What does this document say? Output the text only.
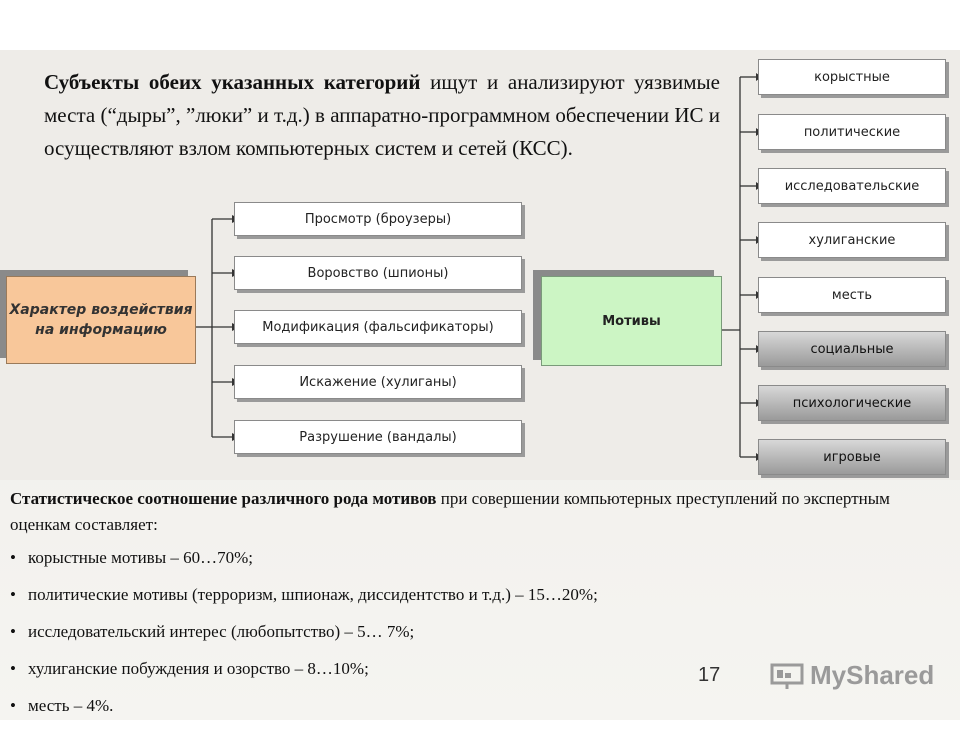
Субъекты обеих указанных категорий ищут и анализируют уязвимые места (“дыры”, ”люки” и т.д.) в аппаратно-программном обеспечении ИС и осуществляют взлом компьютерных систем и сетей (КСС).
Характер воздействия на информацию
Просмотр (броузеры)
Воровство (шпионы)
Модификация (фальсификаторы)
Искажение (хулиганы)
Разрушение (вандалы)
Мотивы
корыстные
политические
исследовательские
хулиганские
месть
социальные
психологические
игровые
Статистическое соотношение различного рода мотивов при совершении компьютерных преступлений по экспертным оценкам составляет:
• корыстные мотивы – 60…70%;
• политические мотивы (терроризм, шпионаж, диссидентство и т.д.) – 15…20%;
• исследовательский интерес (любопытство) – 5… 7%;
• хулиганские побуждения и озорство – 8…10%;
• месть – 4%.
17	MyShared
